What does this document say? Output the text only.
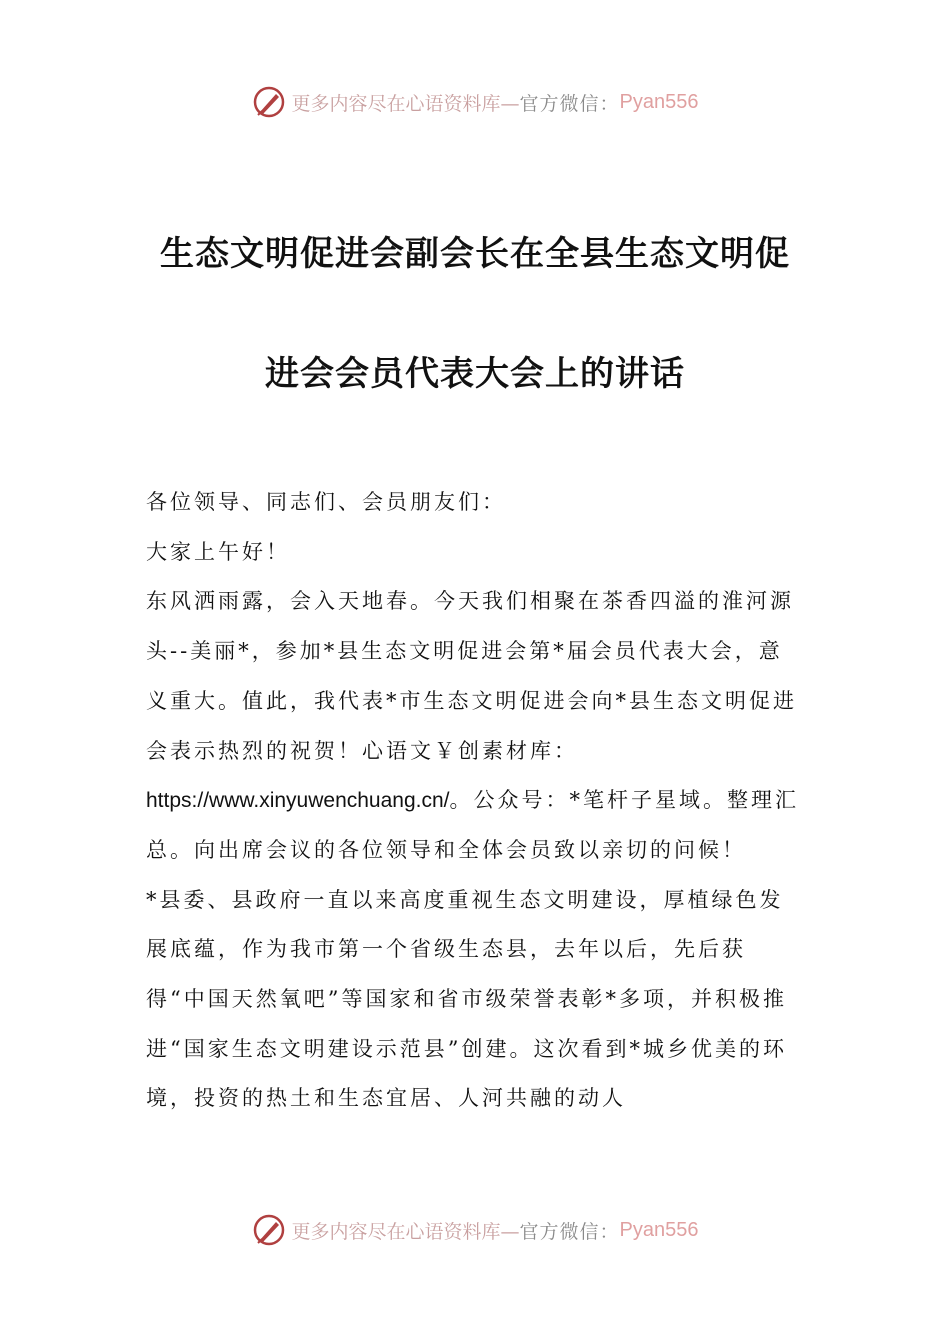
更多内容尽在心语资料库— 官方微信： Pyan556
生态文明促进会副会长在全县生态文明促
进会会员代表大会上的讲话

各位领导、同志们、会员朋友们：

大家上午好！

东风洒雨露，会入天地春。今天我们相聚在茶香四溢的淮河源头--美丽*，参加*县生态文明促进会第*届会员代表大会，意义重大。值此，我代表*市生态文明促进会向*县生态文明促进会表示热烈的祝贺！心语文￥创素材库：https://www.xinyuwenchuang.cn/。公众号：*笔杆子星域。整理汇总。向出席会议的各位领导和全体会员致以亲切的问候！

*县委、县政府一直以来高度重视生态文明建设，厚植绿色发展底蕴，作为我市第一个省级生态县，去年以后，先后获得“中国天然氧吧”等国家和省市级荣誉表彰*多项，并积极推进“国家生态文明建设示范县”创建。这次看到*城乡优美的环境，投资的热土和生态宜居、人河共融的动人

更多内容尽在心语资料库— 官方微信： Pyan556
